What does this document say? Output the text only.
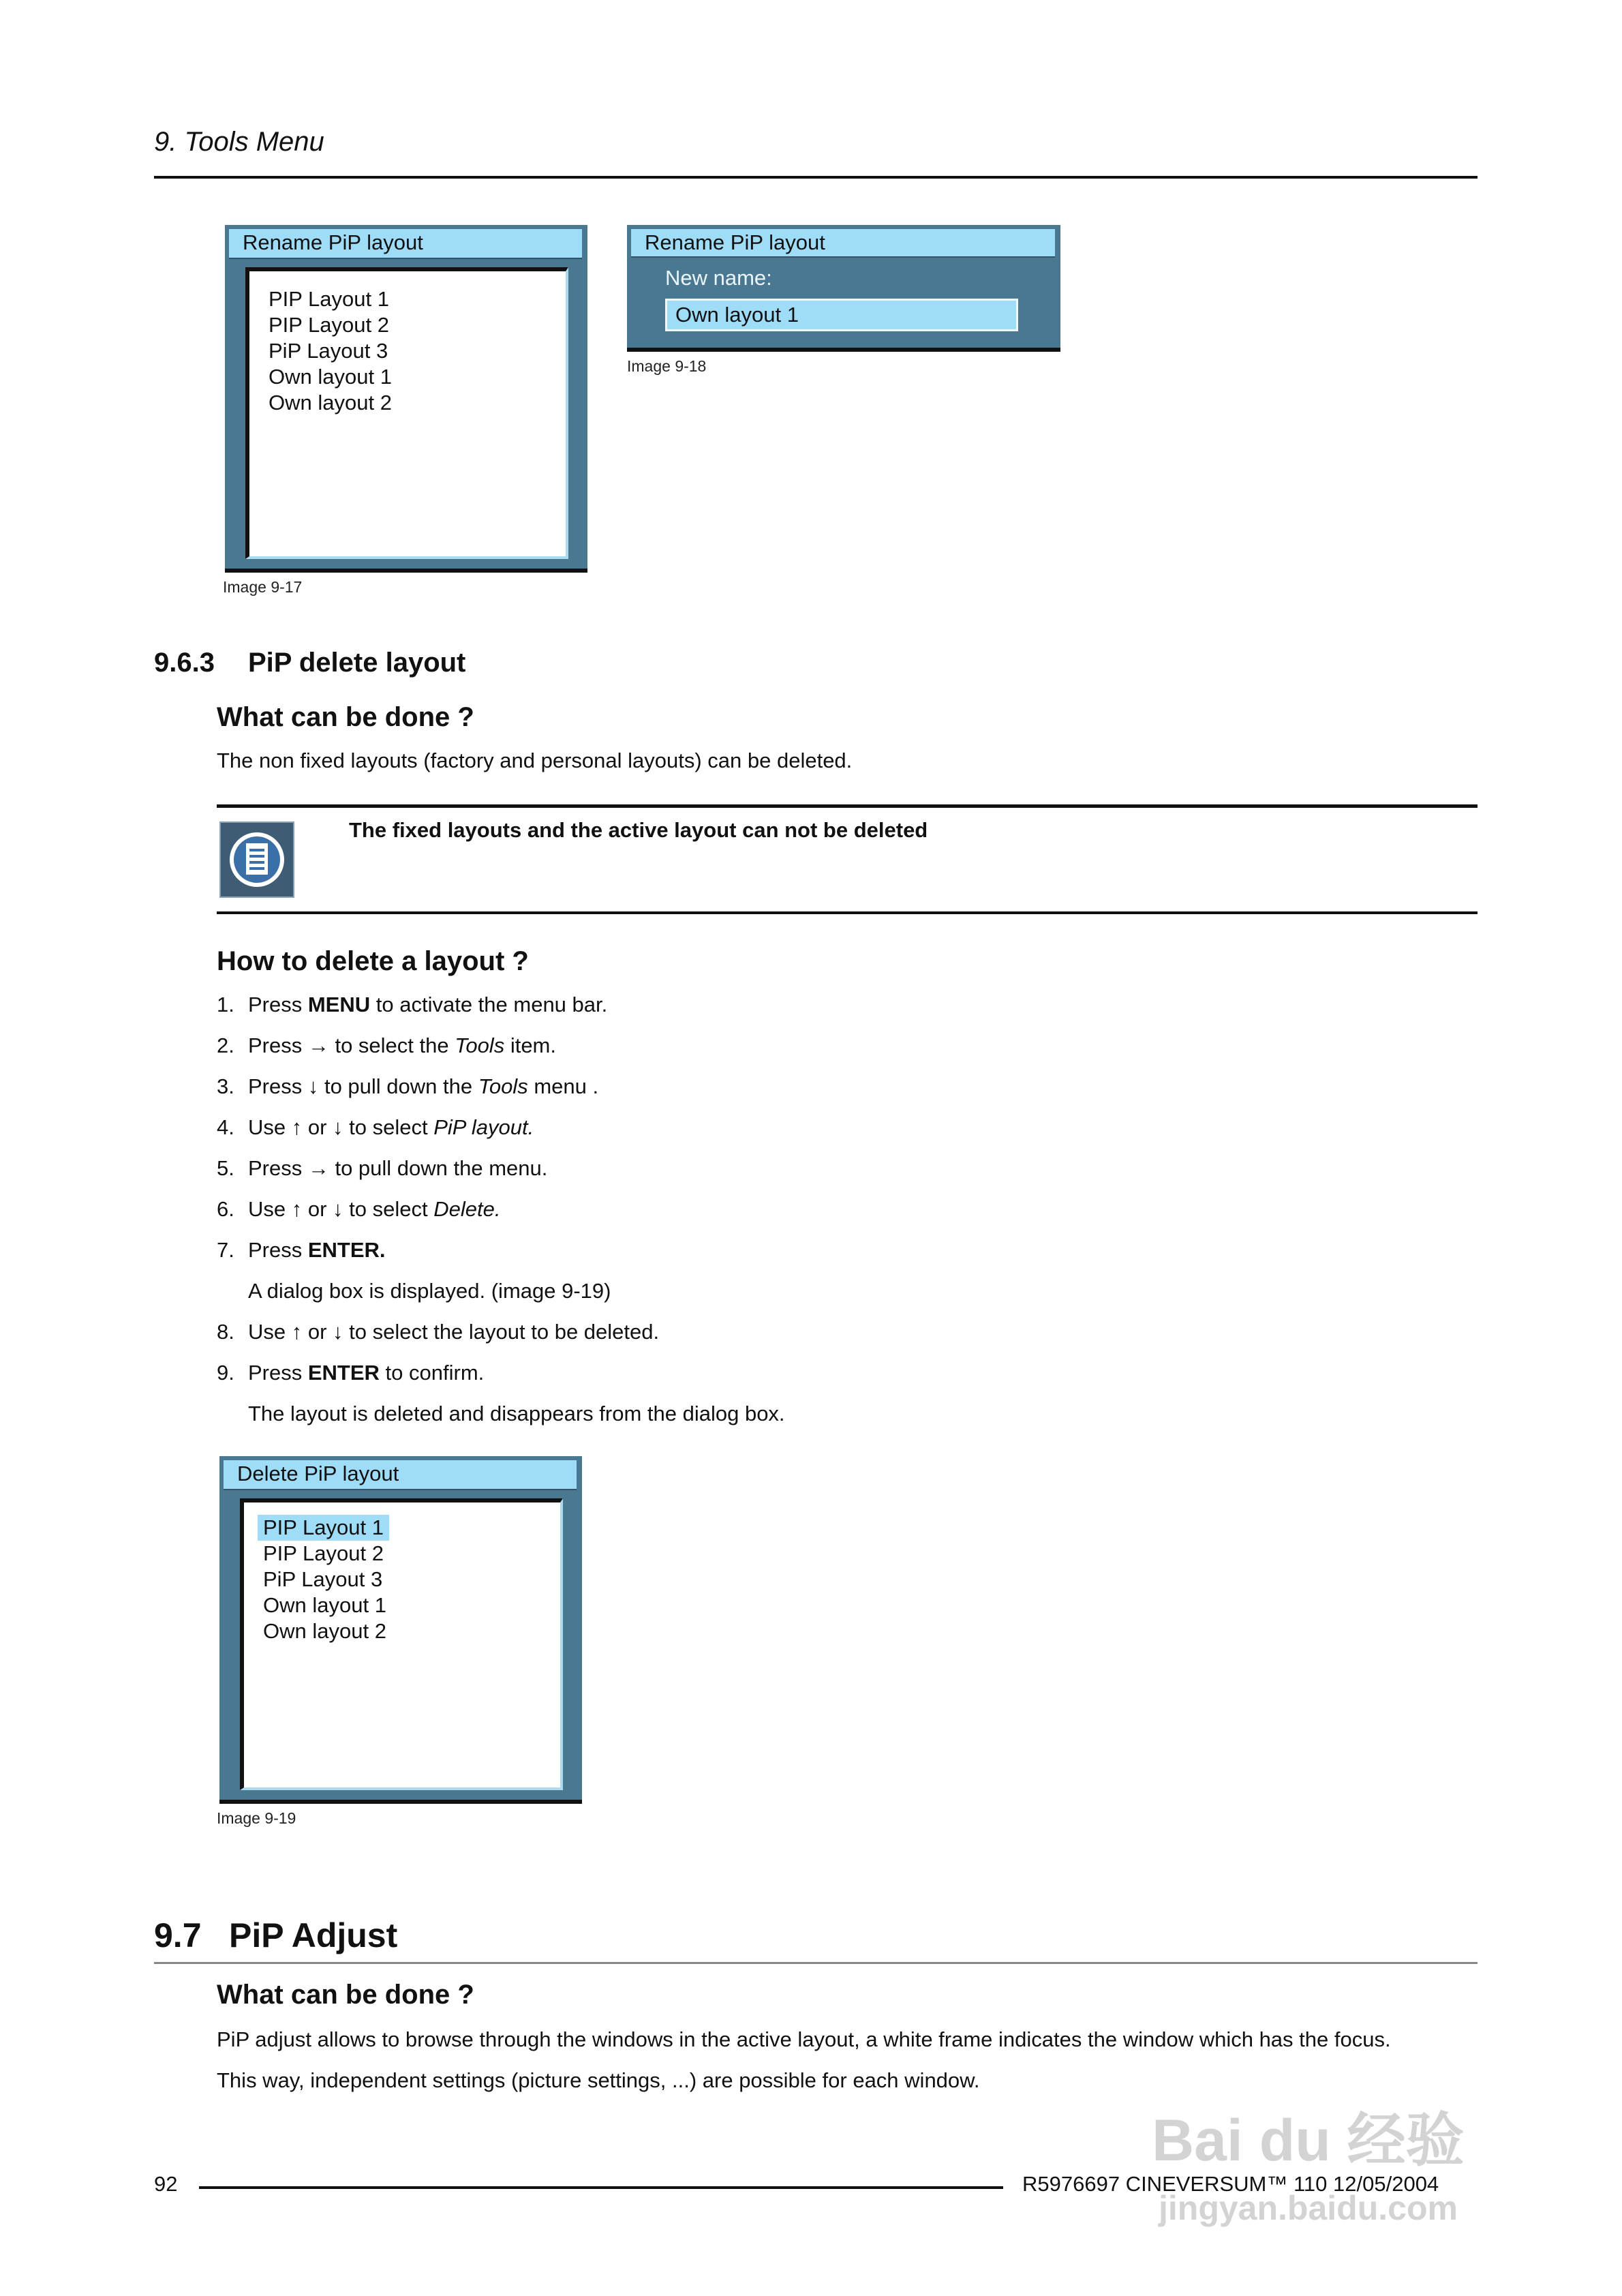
9. Tools Menu
Rename PiP layout
PIP Layout 1
PIP Layout 2
PiP Layout 3
Own layout 1
Own layout 2
Image 9-17
Rename PiP layout
New name:
Own layout 1
Image 9-18
9.6.3 PiP delete layout
What can be done ?
The non fixed layouts (factory and personal layouts) can be deleted.
The fixed layouts and the active layout can not be deleted
How to delete a layout ?
1. Press MENU to activate the menu bar.
2. Press → to select the Tools item.
3. Press ↓ to pull down the Tools menu .
4. Use ↑ or ↓ to select PiP layout.
5. Press → to pull down the menu.
6. Use ↑ or ↓ to select Delete.
7. Press ENTER.
A dialog box is displayed. (image 9-19)
8. Use ↑ or ↓ to select the layout to be deleted.
9. Press ENTER to confirm.
The layout is deleted and disappears from the dialog box.
Delete PiP layout
PIP Layout 1
PIP Layout 2
PiP Layout 3
Own layout 1
Own layout 2
Image 9-19
9.7 PiP Adjust
What can be done ?
PiP adjust allows to browse through the windows in the active layout, a white frame indicates the window which has the focus.
This way, independent settings (picture settings, ...) are possible for each window.
92	R5976697 CINEVERSUM™ 110 12/05/2004
Bai du 经验
jingyan.baidu.com
